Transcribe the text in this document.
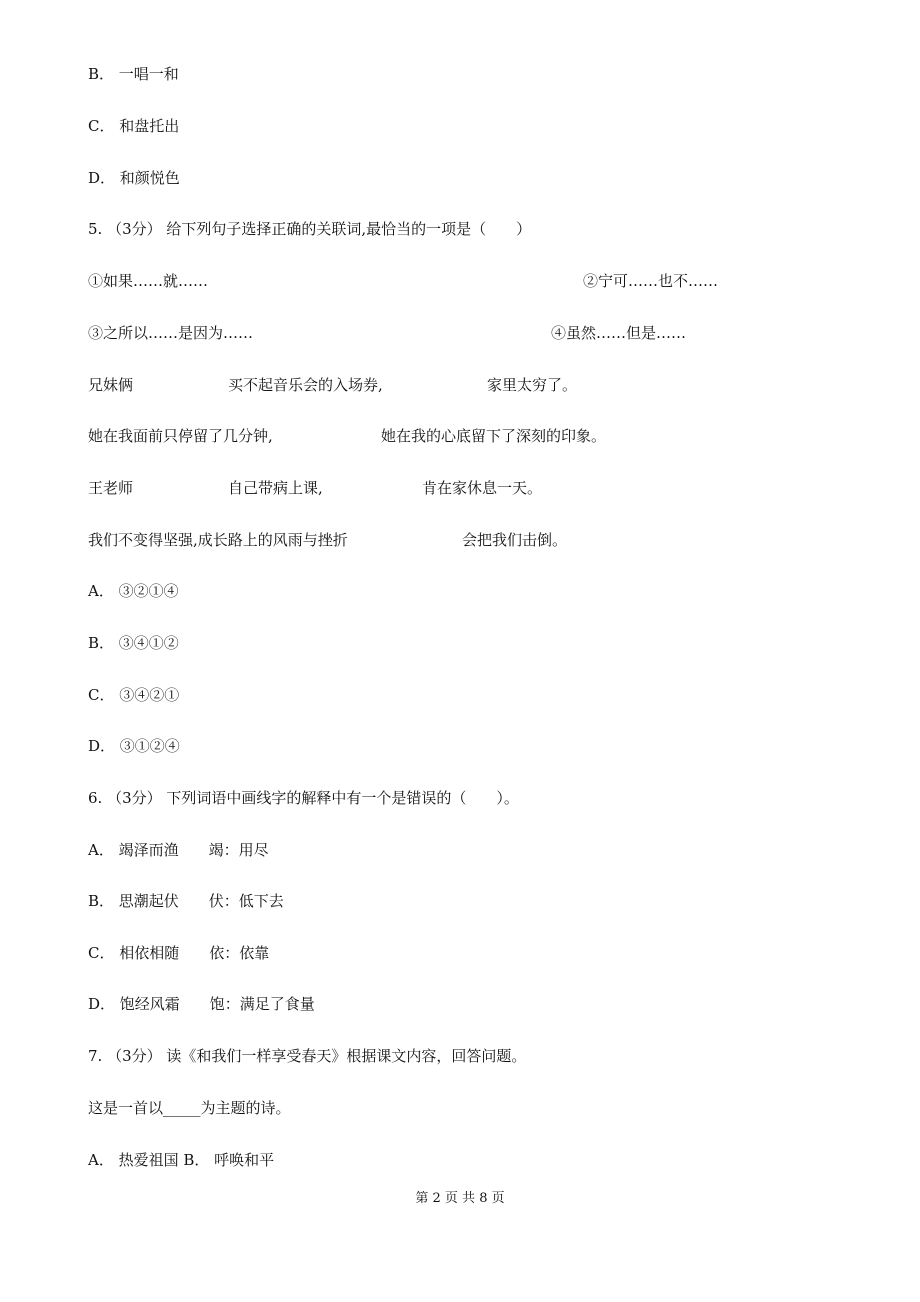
B． 一唱一和
C． 和盘托出
D． 和颜悦色
5. （3分） 给下列句子选择正确的关联词,最恰当的一项是（　　）
①如果……就……	②宁可……也不……
③之所以……是因为……	④虽然……但是……
兄妹俩	买不起音乐会的入场券,	家里太穷了。
她在我面前只停留了几分钟,	她在我的心底留下了深刻的印象。
王老师	自己带病上课,	肯在家休息一天。
我们不变得坚强,成长路上的风雨与挫折	会把我们击倒。
A． ③②①④
B． ③④①②
C． ③④②①
D． ③①②④
6. （3分） 下列词语中画线字的解释中有一个是错误的（　　）。
A． 竭泽而渔　　竭：用尽
B． 思潮起伏　　伏：低下去
C． 相依相随　　依：依靠
D． 饱经风霜　　饱：满足了食量
7. （3分） 读《和我们一样享受春天》根据课文内容，回答问题。
这是一首以_____为主题的诗。
A． 热爱祖国 B． 呼唤和平
第 2 页 共 8 页
